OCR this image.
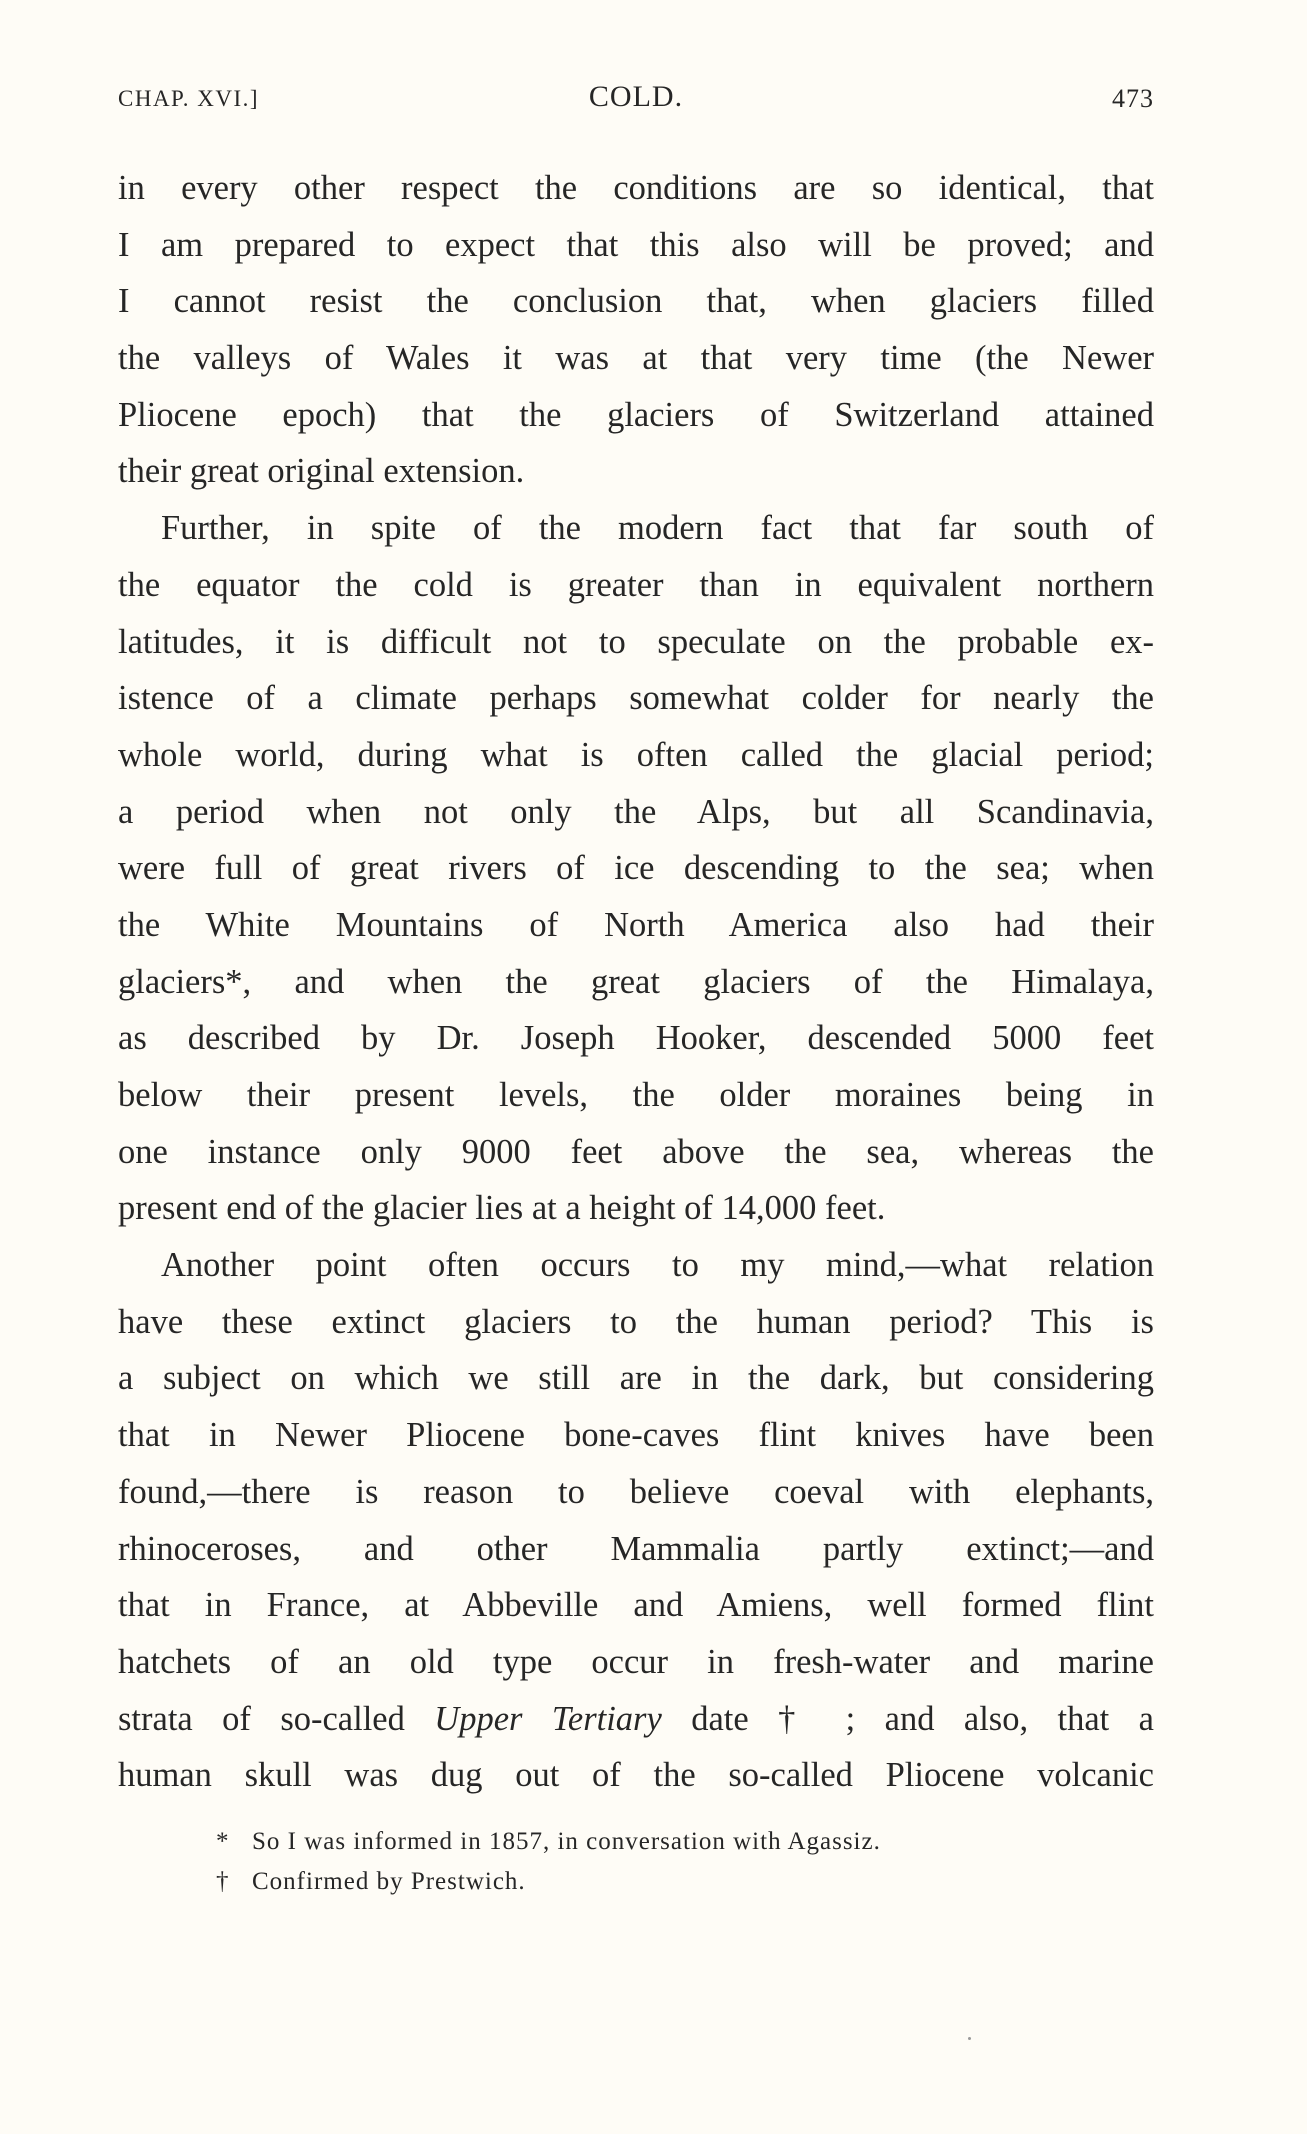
CHAP. XVI.]	COLD.	473
in every other respect the conditions are so identical, that
I am prepared to expect that this also will be proved; and
I cannot resist the conclusion that, when glaciers filled
the valleys of Wales it was at that very time (the Newer
Pliocene epoch) that the glaciers of Switzerland attained
their great original extension.
Further, in spite of the modern fact that far south of
the equator the cold is greater than in equivalent northern
latitudes, it is difficult not to speculate on the probable ex-
istence of a climate perhaps somewhat colder for nearly the
whole world, during what is often called the glacial period;
a period when not only the Alps, but all Scandinavia,
were full of great rivers of ice descending to the sea; when
the White Mountains of North America also had their
glaciers*, and when the great glaciers of the Himalaya,
as described by Dr. Joseph Hooker, descended 5000 feet
below their present levels, the older moraines being in
one instance only 9000 feet above the sea, whereas the
present end of the glacier lies at a height of 14,000 feet.
Another point often occurs to my mind,—what relation
have these extinct glaciers to the human period? This is
a subject on which we still are in the dark, but considering
that in Newer Pliocene bone-caves flint knives have been
found,—there is reason to believe coeval with elephants,
rhinoceroses, and other Mammalia partly extinct;—and
that in France, at Abbeville and Amiens, well formed flint
hatchets of an old type occur in fresh-water and marine
strata of so-called Upper Tertiary date † ; and also, that a
human skull was dug out of the so-called Pliocene volcanic
* So I was informed in 1857, in conversation with Agassiz.
† Confirmed by Prestwich.
